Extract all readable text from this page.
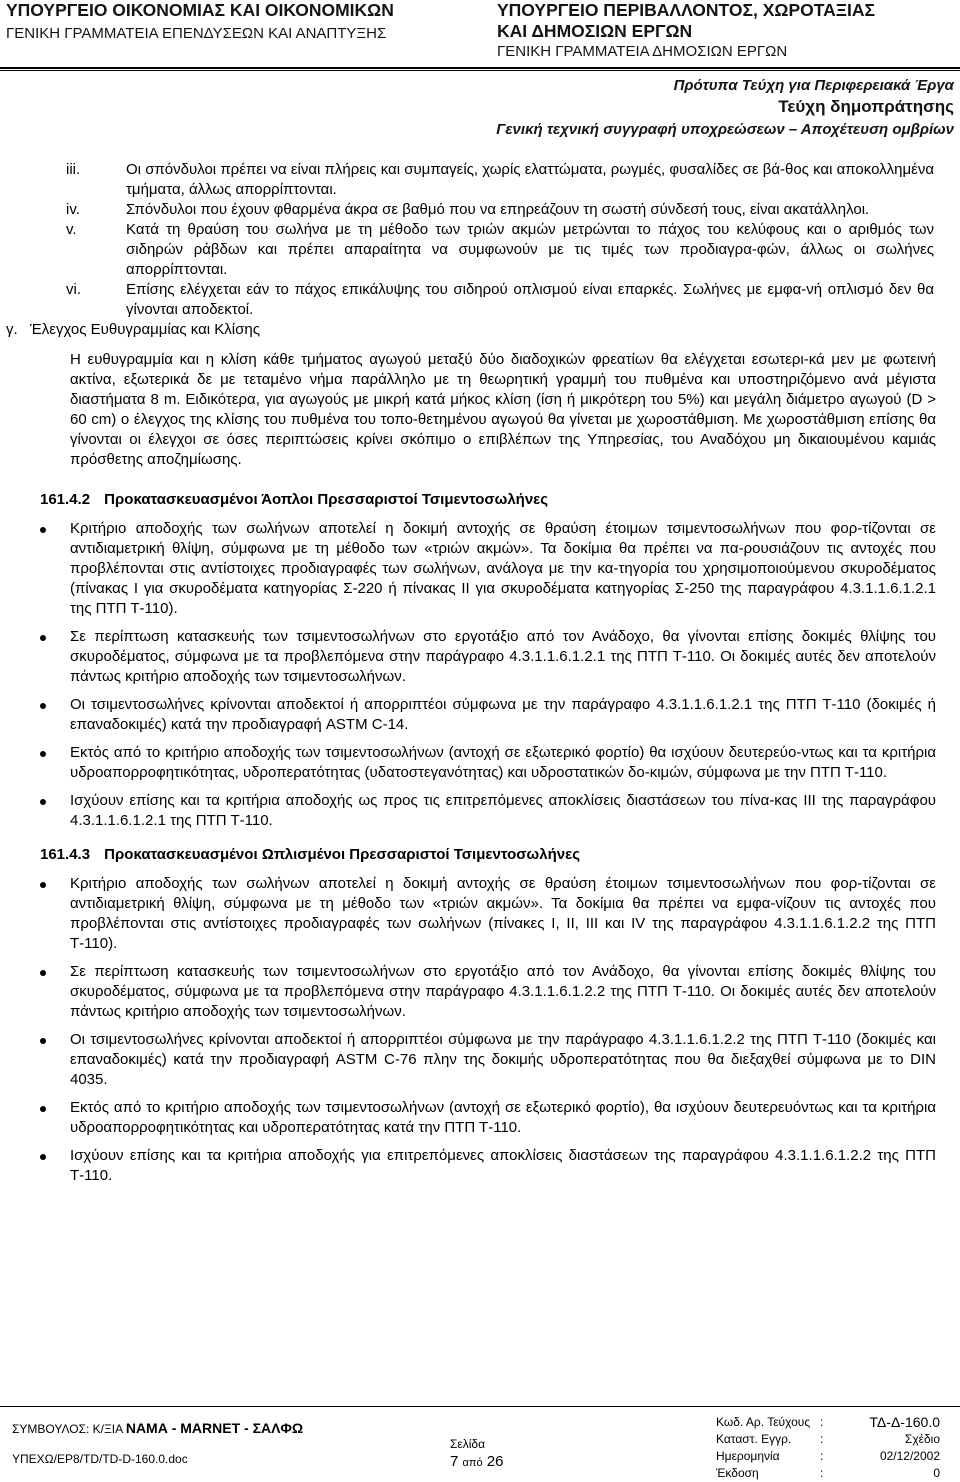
ΥΠΟΥΡΓΕΙΟ ΟΙΚΟΝΟΜΙΑΣ ΚΑΙ ΟΙΚΟΝΟΜΙΚΩΝ
ΓΕΝΙΚΗ ΓΡΑΜΜΑΤΕΙΑ ΕΠΕΝΔΥΣΕΩΝ ΚΑΙ ΑΝΑΠΤΥΞΗΣ
ΥΠΟΥΡΓΕΙΟ ΠΕΡΙΒΑΛΛΟΝΤΟΣ, ΧΩΡΟΤΑΞΙΑΣ
ΚΑΙ ΔΗΜΟΣΙΩΝ ΕΡΓΩΝ
ΓΕΝΙΚΗ ΓΡΑΜΜΑΤΕΙΑ ΔΗΜΟΣΙΩΝ ΕΡΓΩΝ
Πρότυπα Τεύχη για Περιφερειακά Έργα
Τεύχη δημοπράτησης
Γενική τεχνική συγγραφή υποχρεώσεων – Αποχέτευση ομβρίων
iii.	Οι σπόνδυλοι πρέπει να είναι πλήρεις και συμπαγείς, χωρίς ελαττώματα, ρωγμές, φυσαλίδες σε βά-θος και αποκολλημένα τμήματα, άλλως απορρίπτονται.

iv.	Σπόνδυλοι που έχουν φθαρμένα άκρα σε βαθμό που να επηρεάζουν τη σωστή σύνδεσή τους, είναι ακατάλληλοι.

v.	Κατά τη θραύση του σωλήνα με τη μέθοδο των τριών ακμών μετρώνται το πάχος του κελύφους και ο αριθμός των σιδηρών ράβδων και πρέπει απαραίτητα να συμφωνούν με τις τιμές των προδιαγρα-φών, άλλως οι σωλήνες απορρίπτονται.

vi.	Επίσης ελέγχεται εάν το πάχος επικάλυψης του σιδηρού οπλισμού είναι επαρκές. Σωλήνες με εμφα-νή οπλισμό δεν θα γίνονται αποδεκτοί.

γ. Έλεγχος Ευθυγραμμίας και Κλίσης

Η ευθυγραμμία και η κλίση κάθε τμήματος αγωγού μεταξύ δύο διαδοχικών φρεατίων θα ελέγχεται εσωτερι-κά μεν με φωτεινή ακτίνα, εξωτερικά δε με τεταμένο νήμα παράλληλο με τη θεωρητική γραμμή του πυθμένα και υποστηριζόμενο ανά μέγιστα διαστήματα 8 m. Ειδικότερα, για αγωγούς με μικρή κατά μήκος κλίση (ίση ή μικρότερη του 5%) και μεγάλη διάμετρο αγωγού (D > 60 cm) ο έλεγχος της κλίσης του πυθμένα του τοπο-θετημένου αγωγού θα γίνεται με χωροστάθμιση. Με χωροστάθμιση επίσης θα γίνονται οι έλεγχοι σε όσες περιπτώσεις κρίνει σκόπιμο ο επιβλέπων της Υπηρεσίας, του Αναδόχου μη δικαιουμένου καμιάς πρόσθετης αποζημίωσης.

161.4.2 Προκατασκευασμένοι Άοπλοι Πρεσσαριστοί Τσιμεντοσωλήνες
Κριτήριο αποδοχής των σωλήνων αποτελεί η δοκιμή αντοχής σε θραύση έτοιμων τσιμεντοσωλήνων που φορ-τίζονται σε αντιδιαμετρική θλίψη, σύμφωνα με τη μέθοδο των «τριών ακμών». Τα δοκίμια θα πρέπει να πα-ρουσιάζουν τις αντοχές που προβλέπονται στις αντίστοιχες προδιαγραφές των σωλήνων, ανάλογα με την κα-τηγορία του χρησιμοποιούμενου σκυροδέματος (πίνακας Ι για σκυροδέματα κατηγορίας Σ-220 ή πίνακας ΙΙ για σκυροδέματα κατηγορίας Σ-250 της παραγράφου 4.3.1.1.6.1.2.1 της ΠΤΠ Τ-110).
Σε περίπτωση κατασκευής των τσιμεντοσωλήνων στο εργοτάξιο από τον Ανάδοχο, θα γίνονται επίσης δοκιμές θλίψης του σκυροδέματος, σύμφωνα με τα προβλεπόμενα στην παράγραφο 4.3.1.1.6.1.2.1 της ΠΤΠ Τ-110. Οι δοκιμές αυτές δεν αποτελούν πάντως κριτήριο αποδοχής των τσιμεντοσωλήνων.
Οι τσιμεντοσωλήνες κρίνονται αποδεκτοί ή απορριπτέοι σύμφωνα με την παράγραφο 4.3.1.1.6.1.2.1 της ΠΤΠ Τ-110 (δοκιμές ή επαναδοκιμές) κατά την προδιαγραφή ASTM C-14.
Εκτός από το κριτήριο αποδοχής των τσιμεντοσωλήνων (αντοχή σε εξωτερικό φορτίο) θα ισχύουν δευτερεύο-ντως και τα κριτήρια υδροαπορροφητικότητας, υδροπερατότητας (υδατοστεγανότητας) και υδροστατικών δο-κιμών, σύμφωνα με την ΠΤΠ Τ-110.
Ισχύουν επίσης και τα κριτήρια αποδοχής ως προς τις επιτρεπόμενες αποκλίσεις διαστάσεων του πίνα-κας ΙΙΙ της παραγράφου 4.3.1.1.6.1.2.1 της ΠΤΠ Τ-110.
161.4.3 Προκατασκευασμένοι Ωπλισμένοι Πρεσσαριστοί Τσιμεντοσωλήνες
Κριτήριο αποδοχής των σωλήνων αποτελεί η δοκιμή αντοχής σε θραύση έτοιμων τσιμεντοσωλήνων που φορ-τίζονται σε αντιδιαμετρική θλίψη, σύμφωνα με τη μέθοδο των «τριών ακμών». Τα δοκίμια θα πρέπει να εμφα-νίζουν τις αντοχές που προβλέπονται στις αντίστοιχες προδιαγραφές των σωλήνων (πίνακες Ι, ΙΙ, ΙΙΙ και ΙV της παραγράφου 4.3.1.1.6.1.2.2 της ΠΤΠ Τ-110).
Σε περίπτωση κατασκευής των τσιμεντοσωλήνων στο εργοτάξιο από τον Ανάδοχο, θα γίνονται επίσης δοκιμές θλίψης του σκυροδέματος, σύμφωνα με τα προβλεπόμενα στην παράγραφο 4.3.1.1.6.1.2.2 της ΠΤΠ Τ-110. Οι δοκιμές αυτές δεν αποτελούν πάντως κριτήριο αποδοχής των τσιμεντοσωλήνων.
Οι τσιμεντοσωλήνες κρίνονται αποδεκτοί ή απορριπτέοι σύμφωνα με την παράγραφο 4.3.1.1.6.1.2.2 της ΠΤΠ Τ-110 (δοκιμές και επαναδοκιμές) κατά την προδιαγραφή ASTM C-76 πλην της δοκιμής υδροπερατότητας που θα διεξαχθεί σύμφωνα με το DIN 4035.
Εκτός από το κριτήριο αποδοχής των τσιμεντοσωλήνων (αντοχή σε εξωτερικό φορτίο), θα ισχύουν δευτερευόντως και τα κριτήρια υδροαπορροφητικότητας και υδροπερατότητας κατά την ΠΤΠ Τ-110.
Ισχύουν επίσης και τα κριτήρια αποδοχής για επιτρεπόμενες αποκλίσεις διαστάσεων της παραγράφου 4.3.1.1.6.1.2.2 της ΠΤΠ Τ-110.
ΣΥΜΒΟΥΛΟΣ: Κ/ΞΙΑ ΝΑΜΑ - MARNET - ΣΑΛΦΩ
ΥΠΕΧΩ/ΕΡ8/TD/TD-D-160.0.doc
Σελίδα
7 από 26
Κωδ. Αρ. Τεύχους :	ΤΔ-Δ-160.0
Καταστ. Εγγρ. :	Σχέδιο
Ημερομηνία	:	02/12/2002
Έκδοση	:	0
